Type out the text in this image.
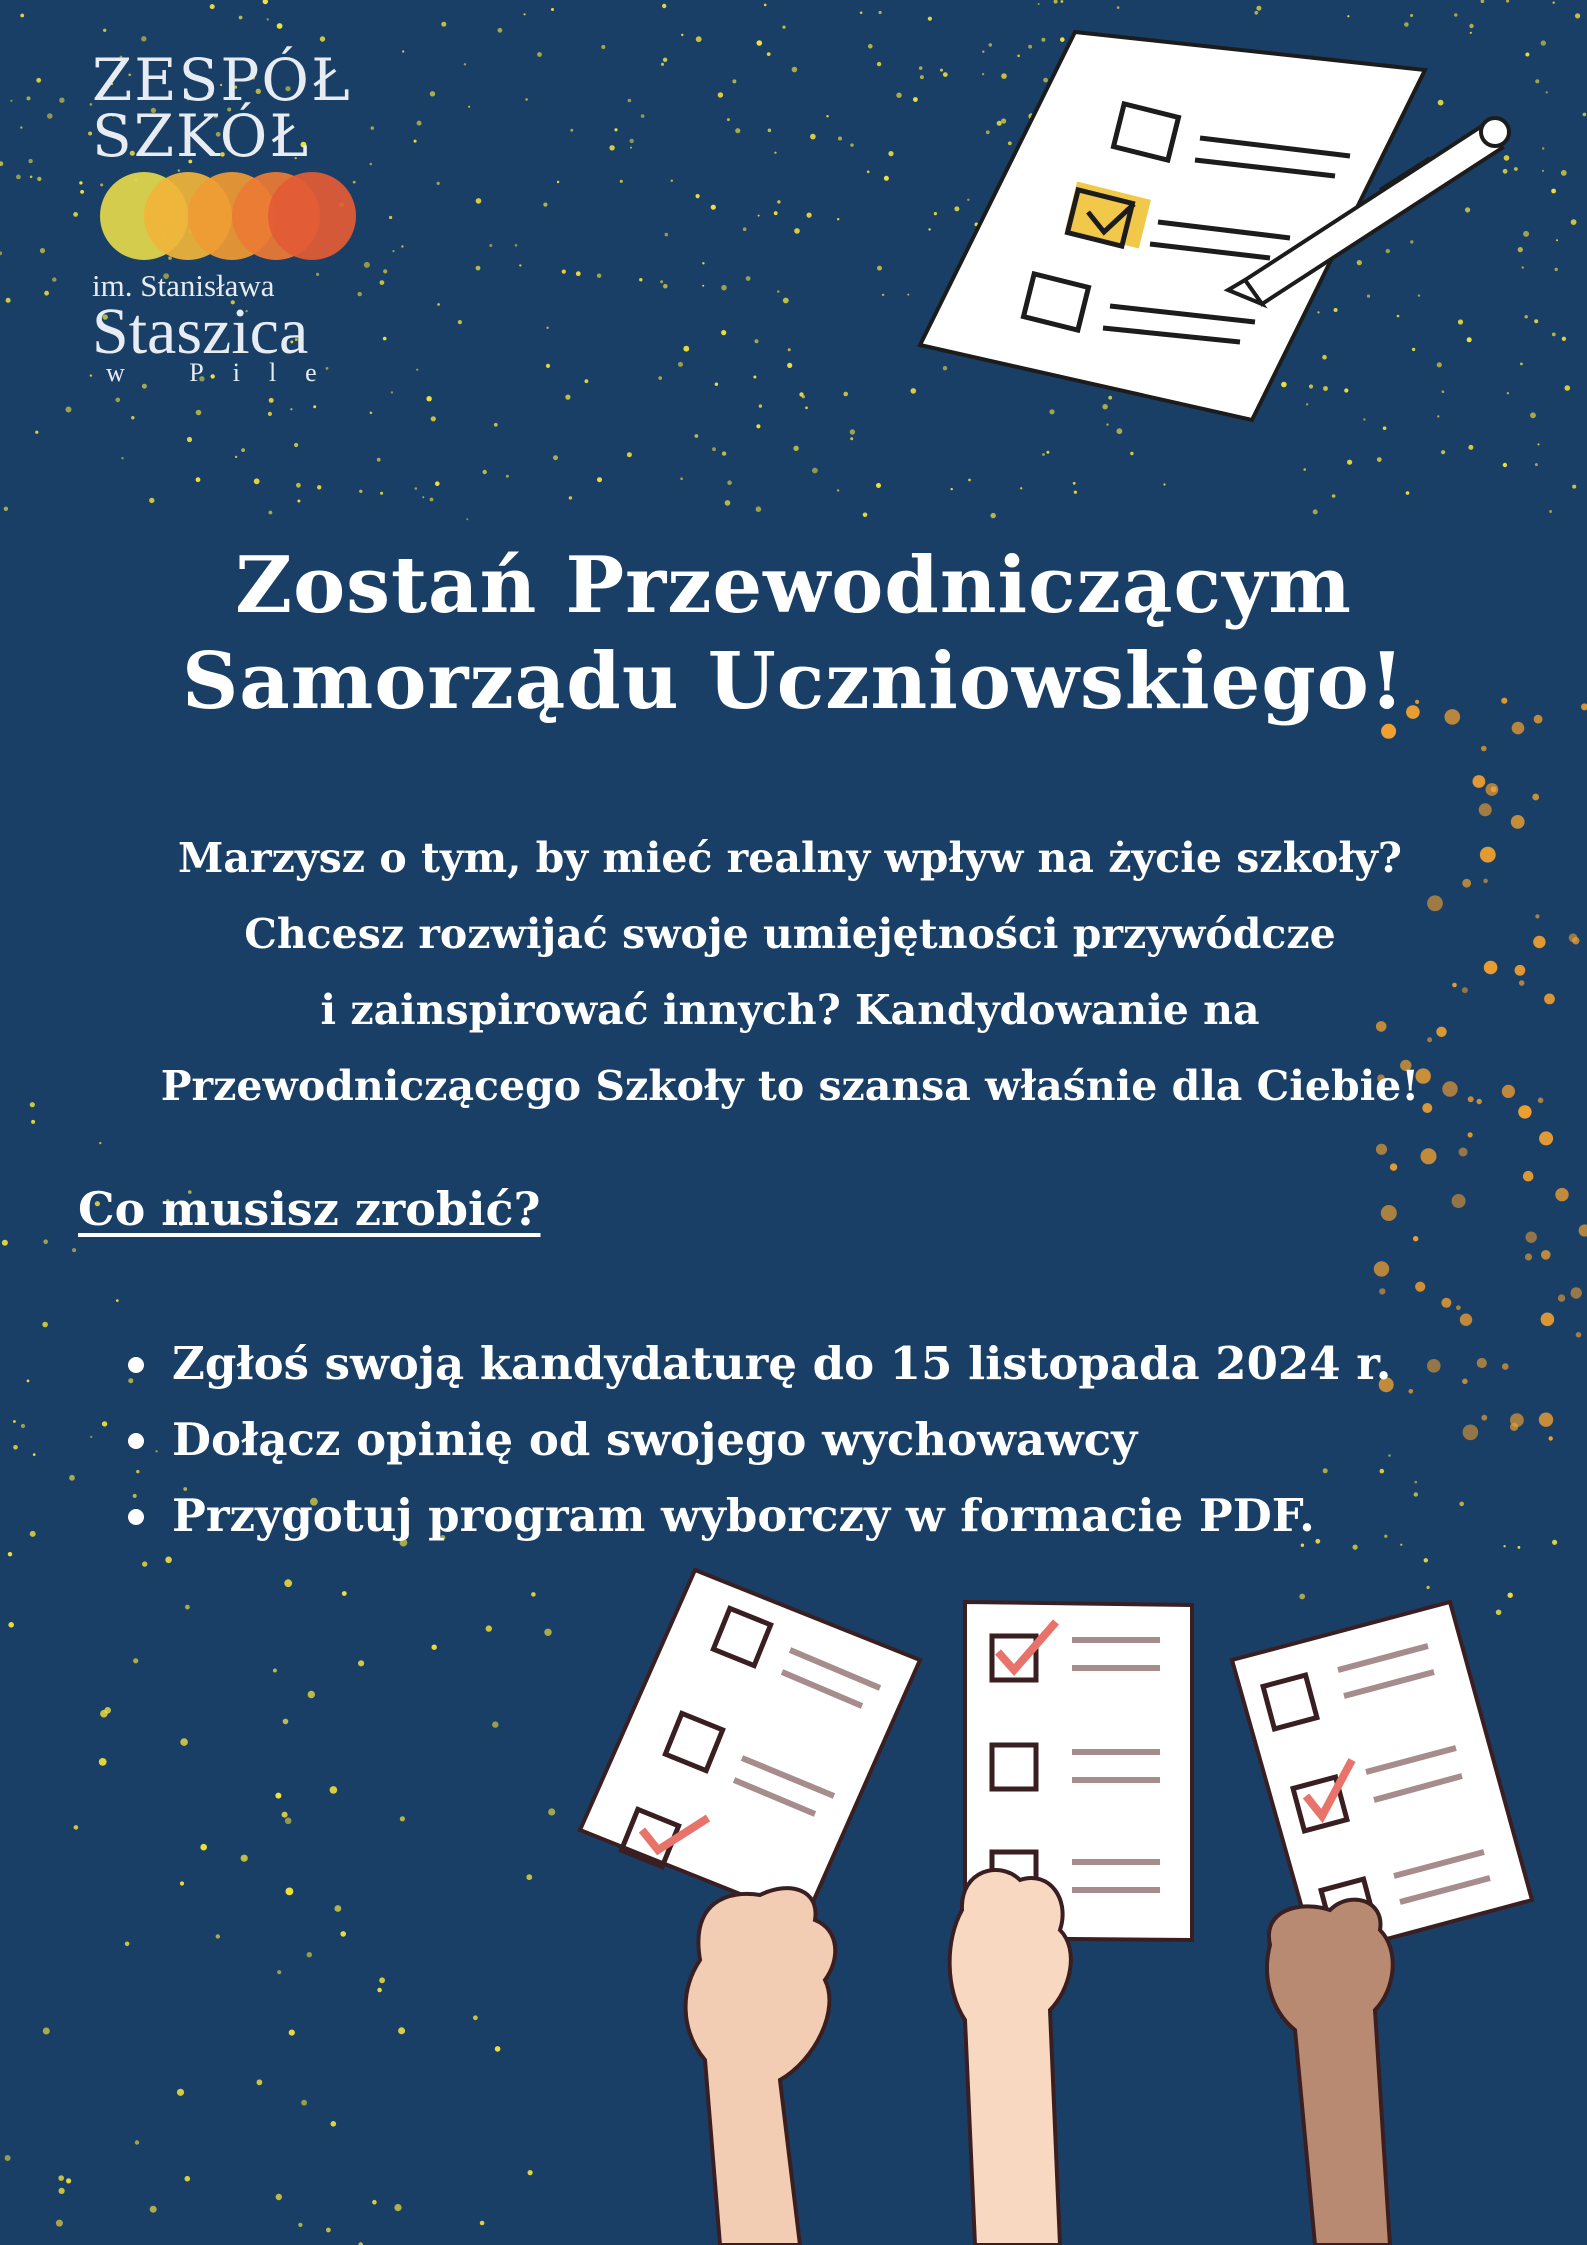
ZESPÓŁ
SZKÓŁ
im. Stanisława
Staszica
w Pile
Zostań Przewodniczącym
Samorządu Uczniowskiego!
Marzysz o tym, by mieć realny wpływ na życie szkoły?
Chcesz rozwijać swoje umiejętności przywódcze
i zainspirować innych? Kandydowanie na
Przewodniczącego Szkoły to szansa właśnie dla Ciebie!
Co musisz zrobić?
Zgłoś swoją kandydaturę do 15 listopada 2024 r.
Dołącz opinię od swojego wychowawcy
Przygotuj program wyborczy w formacie PDF.
